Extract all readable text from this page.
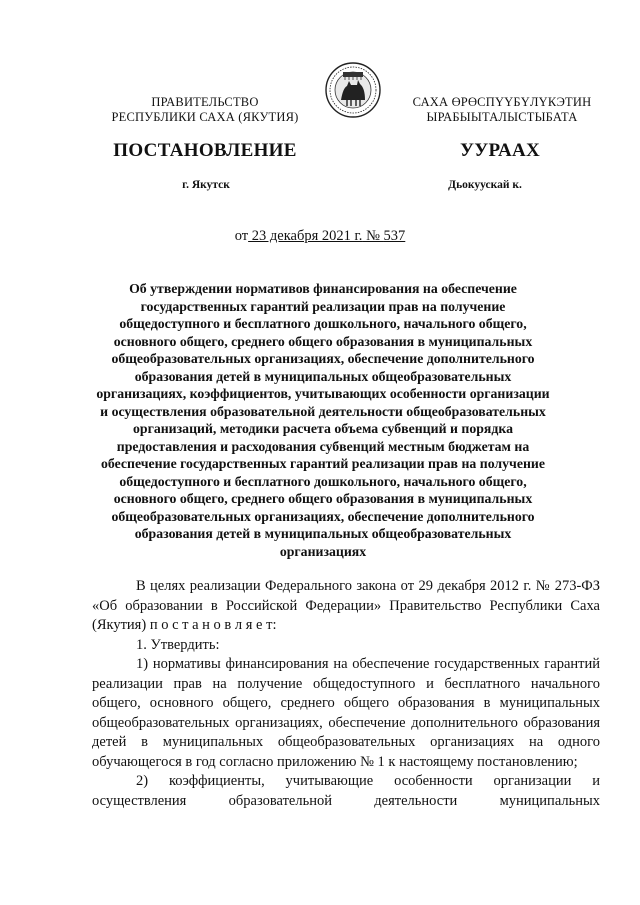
ПРАВИТЕЛЬСТВО
РЕСПУБЛИКИ САХА (ЯКУТИЯ)
САХА ӨРӨСПҮҮБҮЛҮКЭТИН
ЫРАБЫЫТАЛЫСТЫБАТА
ПОСТАНОВЛЕНИЕ	УУРААХ
г. Якутск	Дьокуускай к.
от 23 декабря 2021 г. № 537
Об утверждении нормативов финансирования на обеспечение
государственных гарантий реализации прав на получение
общедоступного и бесплатного дошкольного, начального общего,
основного общего, среднего общего образования в муниципальных
общеобразовательных организациях, обеспечение дополнительного
образования детей в муниципальных общеобразовательных
организациях, коэффициентов, учитывающих особенности организации
и осуществления образовательной деятельности общеобразовательных
организаций, методики расчета объема субвенций и порядка
предоставления и расходования субвенций местным бюджетам на
обеспечение государственных гарантий реализации прав на получение
общедоступного и бесплатного дошкольного, начального общего,
основного общего, среднего общего образования в муниципальных
общеобразовательных организациях, обеспечение дополнительного
образования детей в муниципальных общеобразовательных
организациях

В целях реализации Федерального закона от 29 декабря 2012 г. № 273-ФЗ «Об образовании в Российской Федерации» Правительство Республики Саха (Якутия) п о с т а н о в л я е т:

1. Утвердить:

1) нормативы финансирования на обеспечение государственных гарантий реализации прав на получение общедоступного и бесплатного начального общего, основного общего, среднего общего образования в муниципальных общеобразовательных организациях, обеспечение дополнительного образования детей в муниципальных общеобразовательных организациях на одного обучающегося в год согласно приложению № 1 к настоящему постановлению;

2) коэффициенты, учитывающие особенности организации и осуществления образовательной деятельности муниципальных
